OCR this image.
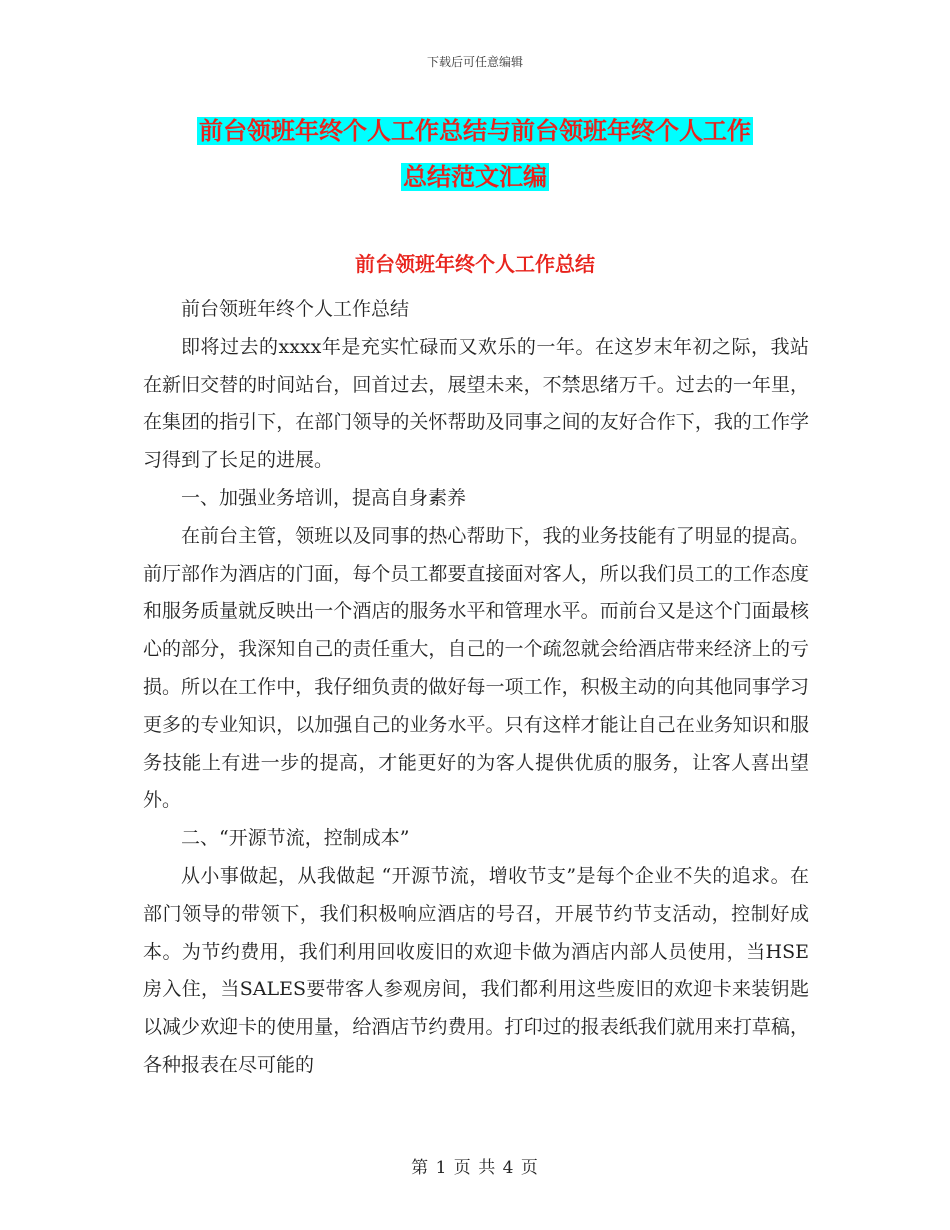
下载后可任意编辑
前台领班年终个人工作总结与前台领班年终个人工作
总结范文汇编
前台领班年终个人工作总结

前台领班年终个人工作总结

即将过去的xxxx年是充实忙碌而又欢乐的一年。在这岁末年初之际，我站在新旧交替的时间站台，回首过去，展望未来，不禁思绪万千。过去的一年里，在集团的指引下，在部门领导的关怀帮助及同事之间的友好合作下，我的工作学习得到了长足的进展。

一、加强业务培训，提高自身素养

在前台主管，领班以及同事的热心帮助下，我的业务技能有了明显的提高。前厅部作为酒店的门面，每个员工都要直接面对客人，所以我们员工的工作态度和服务质量就反映出一个酒店的服务水平和管理水平。而前台又是这个门面最核心的部分，我深知自己的责任重大，自己的一个疏忽就会给酒店带来经济上的亏损。所以在工作中，我仔细负责的做好每一项工作，积极主动的向其他同事学习更多的专业知识，以加强自己的业务水平。只有这样才能让自己在业务知识和服务技能上有进一步的提高，才能更好的为客人提供优质的服务，让客人喜出望外。

二、“开源节流，控制成本”

从小事做起，从我做起 “开源节流，增收节支”是每个企业不失的追求。在部门领导的带领下，我们积极响应酒店的号召，开展节约节支活动，控制好成本。为节约费用，我们利用回收废旧的欢迎卡做为酒店内部人员使用，当HSE房入住，当SALES要带客人参观房间，我们都利用这些废旧的欢迎卡来装钥匙以减少欢迎卡的使用量，给酒店节约费用。打印过的报表纸我们就用来打草稿，各种报表在尽可能的

第 1 页 共 4 页
